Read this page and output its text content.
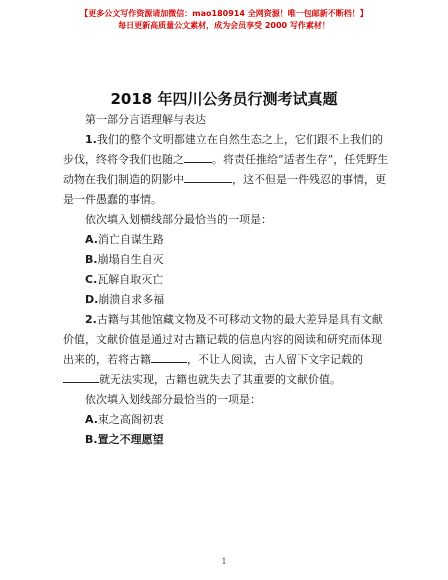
【更多公文写作资源请加微信：mao180914 全网资源！唯一包邮新不断档！】
每日更新高质量公文素材，成为会员享受 2000 写作素材！
2018 年四川公务员行测考试真题

第一部分言语理解与表达

1.我们的整个文明都建立在自然生态之上，它们跟不上我们的步伐，终将令我们也随之	。将责任推给“适者生存”，任凭野生动物在我们制造的阴影中	，这不但是一件残忍的事情，更是一件愚蠢的事情。

依次填入划横线部分最恰当的一项是：

A.消亡自谋生路

B.崩塌自生自灭

C.瓦解自取灭亡

D.崩溃自求多福

2.古籍与其他馆藏文物及不可移动文物的最大差异是具有文献价值，文献价值是通过对古籍记载的信息内容的阅读和研究而体现出来的，若将古籍	，不让人阅读，古人留下文字记载的就无法实现，古籍也就失去了其重要的文献价值。

依次填入划线部分最恰当的一项是：

A.束之高阁初衷

B.置之不理愿望

1
